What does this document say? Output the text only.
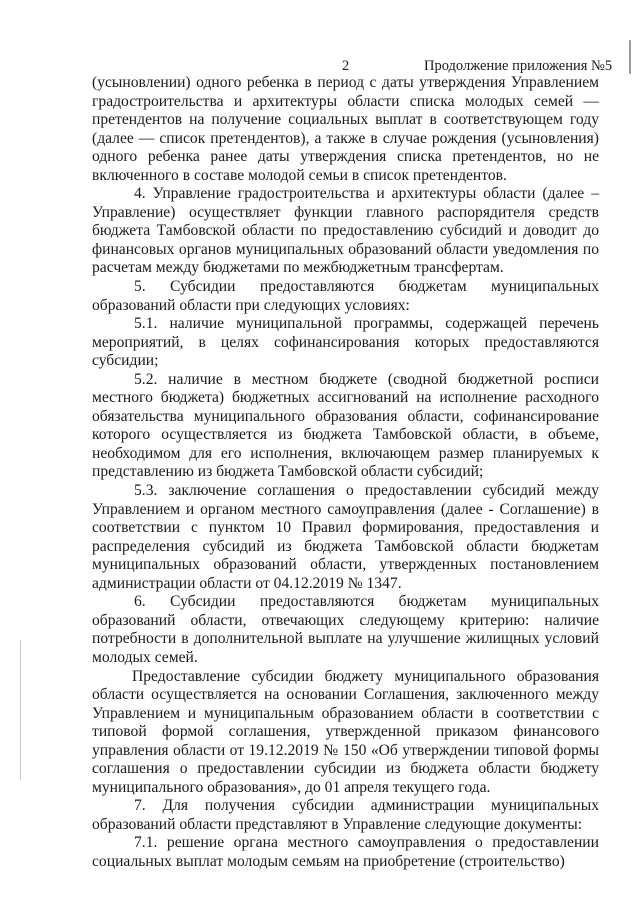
2	Продолжение приложения №5

(усыновлении) одного ребенка в период с даты утверждения Управлением градостроительства и архитектуры области списка молодых семей — претендентов на получение социальных выплат в соответствующем году (далее — список претендентов), а также в случае рождения (усыновления) одного ребенка ранее даты утверждения списка претендентов, но не включенного в составе молодой семьи в список претендентов.

4. Управление градостроительства и архитектуры области (далее – Управление) осуществляет функции главного распорядителя средств бюджета Тамбовской области по предоставлению субсидий и доводит до финансовых органов муниципальных образований области уведомления по расчетам между бюджетами по межбюджетным трансфертам.

5. Субсидии предоставляются бюджетам муниципальных образований области при следующих условиях:

5.1. наличие муниципальной программы, содержащей перечень мероприятий, в целях софинансирования которых предоставляются субсидии;

5.2. наличие в местном бюджете (сводной бюджетной росписи местного бюджета) бюджетных ассигнований на исполнение расходного обязательства муниципального образования области, софинансирование которого осуществляется из бюджета Тамбовской области, в объеме, необходимом для его исполнения, включающем размер планируемых к представлению из бюджета Тамбовской области субсидий;

5.3. заключение соглашения о предоставлении субсидий между Управлением и органом местного самоуправления (далее - Соглашение) в соответствии с пунктом 10 Правил формирования, предоставления и распределения субсидий из бюджета Тамбовской области бюджетам муниципальных образований области, утвержденных постановлением администрации области от 04.12.2019 № 1347.

6. Субсидии предоставляются бюджетам муниципальных образований области, отвечающих следующему критерию: наличие потребности в дополнительной выплате на улучшение жилищных условий молодых семей.

Предоставление субсидии бюджету муниципального образования области осуществляется на основании Соглашения, заключенного между Управлением и муниципальным образованием области в соответствии с типовой формой соглашения, утвержденной приказом финансового управления области от 19.12.2019 № 150 «Об утверждении типовой формы соглашения о предоставлении субсидии из бюджета области бюджету муниципального образования», до 01 апреля текущего года.

7. Для получения субсидии администрации муниципальных образований области представляют в Управление следующие документы:

7.1. решение органа местного самоуправления о предоставлении социальных выплат молодым семьям на приобретение (строительство)
